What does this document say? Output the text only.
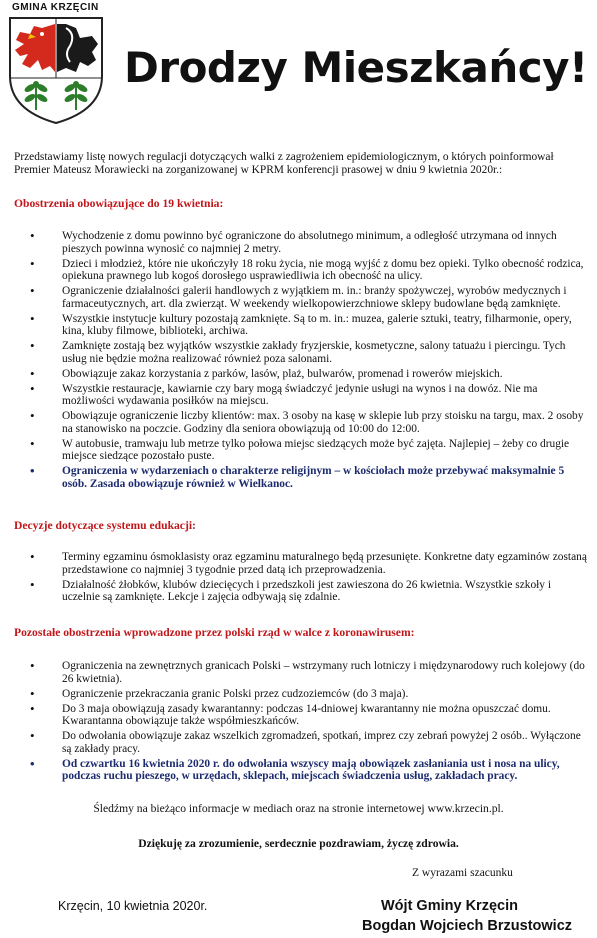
GMINA KRZĘCIN
Drodzy Mieszkańcy!
Przedstawiamy listę nowych regulacji dotyczących walki z zagrożeniem epidemiologicznym, o których poinformował Premier Mateusz Morawiecki na zorganizowanej w KPRM konferencji prasowej w dniu 9 kwietnia 2020r.:
Obostrzenia obowiązujące do 19 kwietnia:
• Wychodzenie z domu powinno być ograniczone do absolutnego minimum, a odległość utrzymana od innych pieszych powinna wynosić co najmniej 2 metry.
• Dzieci i młodzież, które nie ukończyły 18 roku życia, nie mogą wyjść z domu bez opieki. Tylko obecność rodzica, opiekuna prawnego lub kogoś dorosłego usprawiedliwia ich obecność na ulicy.
• Ograniczenie działalności galerii handlowych z wyjątkiem m. in.: branży spożywczej, wyrobów medycznych i farmaceutycznych, art. dla zwierząt. W weekendy wielkopowierzchniowe sklepy budowlane będą zamknięte.
• Wszystkie instytucje kultury pozostają zamknięte. Są to m. in.: muzea, galerie sztuki, teatry, filharmonie, opery, kina, kluby filmowe, biblioteki, archiwa.
• Zamknięte zostają bez wyjątków wszystkie zakłady fryzjerskie, kosmetyczne, salony tatuażu i piercingu. Tych usług nie będzie można realizować również poza salonami.
• Obowiązuje zakaz korzystania z parków, lasów, plaż, bulwarów, promenad i rowerów miejskich.
• Wszystkie restauracje, kawiarnie czy bary mogą świadczyć jedynie usługi na wynos i na dowóz. Nie ma możliwości wydawania posiłków na miejscu.
• Obowiązuje ograniczenie liczby klientów: max. 3 osoby na kasę w sklepie lub przy stoisku na targu, max. 2 osoby na stanowisko na poczcie. Godziny dla seniora obowiązują od 10:00 do 12:00.
• W autobusie, tramwaju lub metrze tylko połowa miejsc siedzących może być zajęta. Najlepiej – żeby co drugie miejsce siedzące pozostało puste.
• Ograniczenia w wydarzeniach o charakterze religijnym – w kościołach może przebywać maksymalnie 5 osób. Zasada obowiązuje również w Wielkanoc.
Decyzje dotyczące systemu edukacji:
• Terminy egzaminu ósmoklasisty oraz egzaminu maturalnego będą przesunięte. Konkretne daty egzaminów zostaną przedstawione co najmniej 3 tygodnie przed datą ich przeprowadzenia.
• Działalność żłobków, klubów dziecięcych i przedszkoli jest zawieszona do 26 kwietnia. Wszystkie szkoły i uczelnie są zamknięte. Lekcje i zajęcia odbywają się zdalnie.
Pozostałe obostrzenia wprowadzone przez polski rząd w walce z koronawirusem:
• Ograniczenia na zewnętrznych granicach Polski – wstrzymany ruch lotniczy i międzynarodowy ruch kolejowy (do 26 kwietnia).
• Ograniczenie przekraczania granic Polski przez cudzoziemców (do 3 maja).
• Do 3 maja obowiązują zasady kwarantanny: podczas 14-dniowej kwarantanny nie można opuszczać domu. Kwarantanna obowiązuje także współmieszkańców.
• Do odwołania obowiązuje zakaz wszelkich zgromadzeń, spotkań, imprez czy zebrań powyżej 2 osób.. Wyłączone są zakłady pracy.
• Od czwartku 16 kwietnia 2020 r. do odwołania wszyscy mają obowiązek zasłaniania ust i nosa na ulicy, podczas ruchu pieszego, w urzędach, sklepach, miejscach świadczenia usług, zakładach pracy.
Śledźmy na bieżąco informacje w mediach oraz na stronie internetowej www.krzecin.pl.
Dziękuję za zrozumienie, serdecznie pozdrawiam, życzę zdrowia.
Z wyrazami szacunku
Krzęcin, 10 kwietnia 2020r.	Wójt Gminy Krzęcin
Bogdan Wojciech Brzustowicz
